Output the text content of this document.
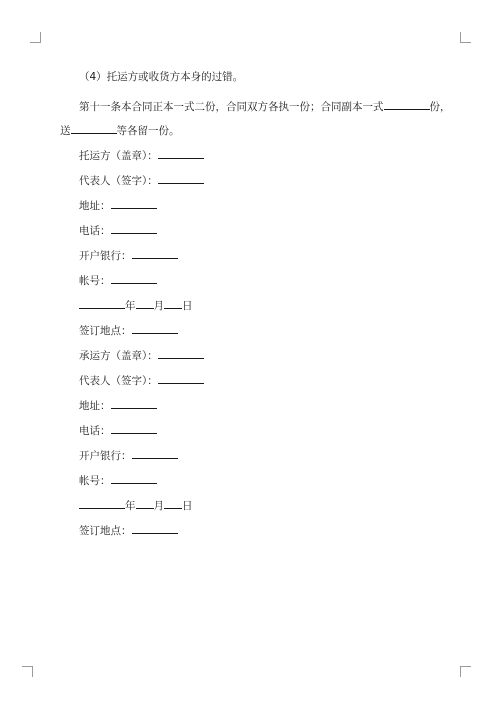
（4）托运方或收货方本身的过错。
第十一条本合同正本一式二份，合同双方各执一份；合同副本一式	份，
送	等各留一份。
托运方（盖章）：
代表人（签字）：
地址：
电话：
开户银行：
帐号：
年 月 日
签订地点：
承运方（盖章）：
代表人（签字）：
地址：
电话：
开户银行：
帐号：
年 月 日
签订地点：
